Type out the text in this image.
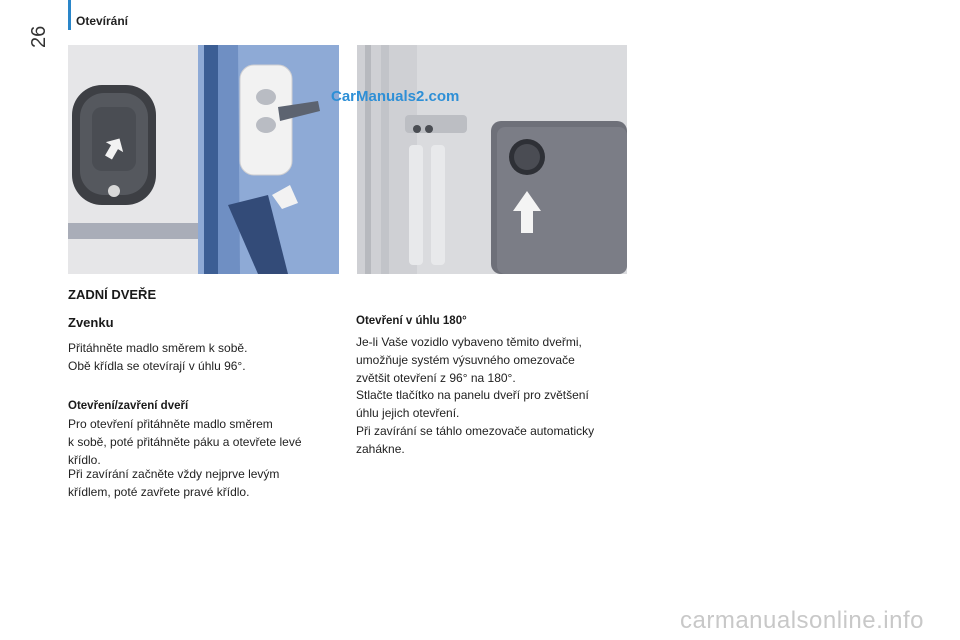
26
Otevírání
CarManuals2.com
ZADNÍ DVEŘE
Zvenku

Přitáhněte madlo směrem k sobě.
Obě křídla se otevírají v úhlu 96°.

Otevření/zavření dveří

Pro otevření přitáhněte madlo směrem
k sobě, poté přitáhněte páku a otevřete levé
křídlo.

Při zavírání začněte vždy nejprve levým
křídlem, poté zavřete pravé křídlo.

Otevření v úhlu 180°

Je-li Vaše vozidlo vybaveno těmito dveřmi,
umožňuje systém výsuvného omezovače
zvětšit otevření z 96° na 180°.

Stlačte tlačítko na panelu dveří pro zvětšení
úhlu jejich otevření.

Při zavírání se táhlo omezovače automaticky
zahákne.

carmanualsonline.info
